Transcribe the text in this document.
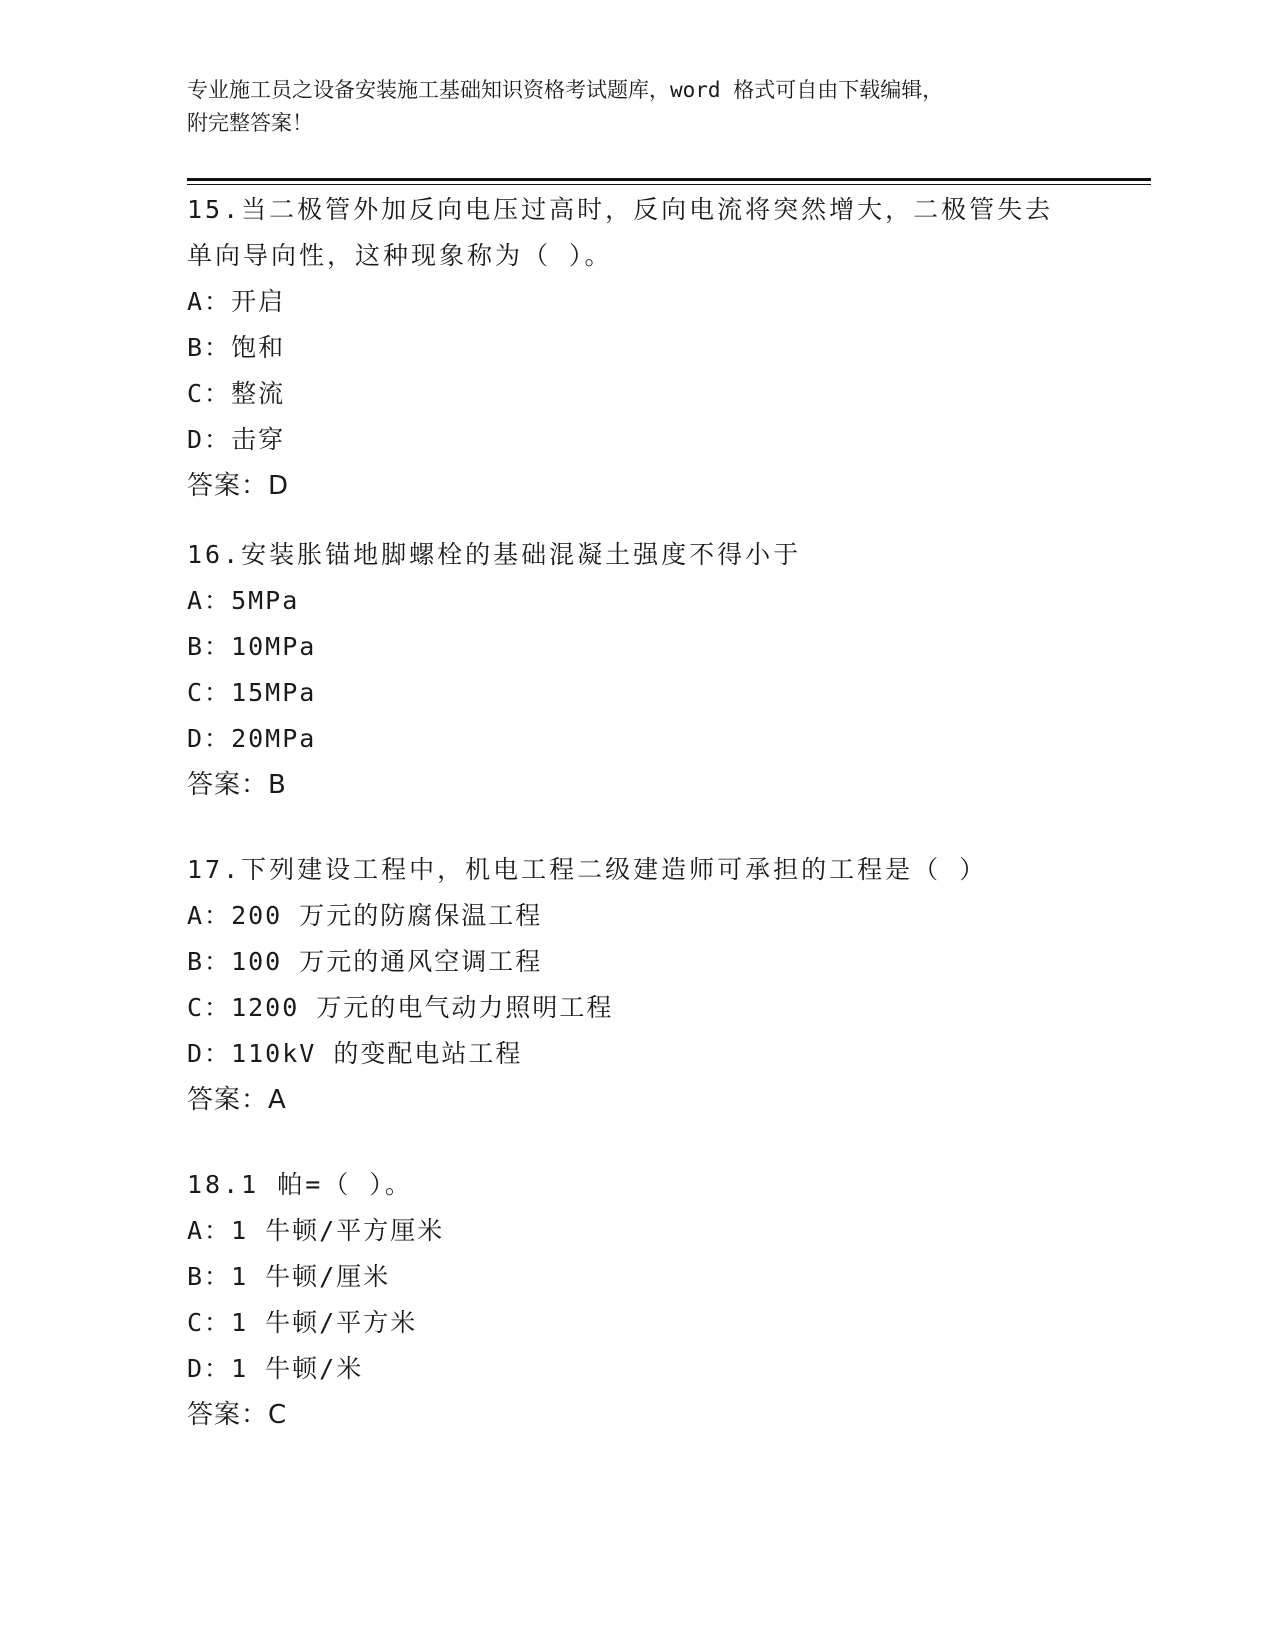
专业施工员之设备安装施工基础知识资格考试题库，word 格式可自由下载编辑，
附完整答案！
15.当二极管外加反向电压过高时，反向电流将突然增大，二极管失去
单向导向性，这种现象称为（ ）。
A：开启
B：饱和
C：整流
D：击穿
答案：D
16.安装胀锚地脚螺栓的基础混凝土强度不得小于
A：5MPa
B：10MPa
C：15MPa
D：20MPa
答案：B
17.下列建设工程中，机电工程二级建造师可承担的工程是（ ）
A：200 万元的防腐保温工程
B：100 万元的通风空调工程
C：1200 万元的电气动力照明工程
D：110kV 的变配电站工程
答案：A
18.1 帕=（ ）。
A：1 牛顿/平方厘米
B：1 牛顿/厘米
C：1 牛顿/平方米
D：1 牛顿/米
答案：C
